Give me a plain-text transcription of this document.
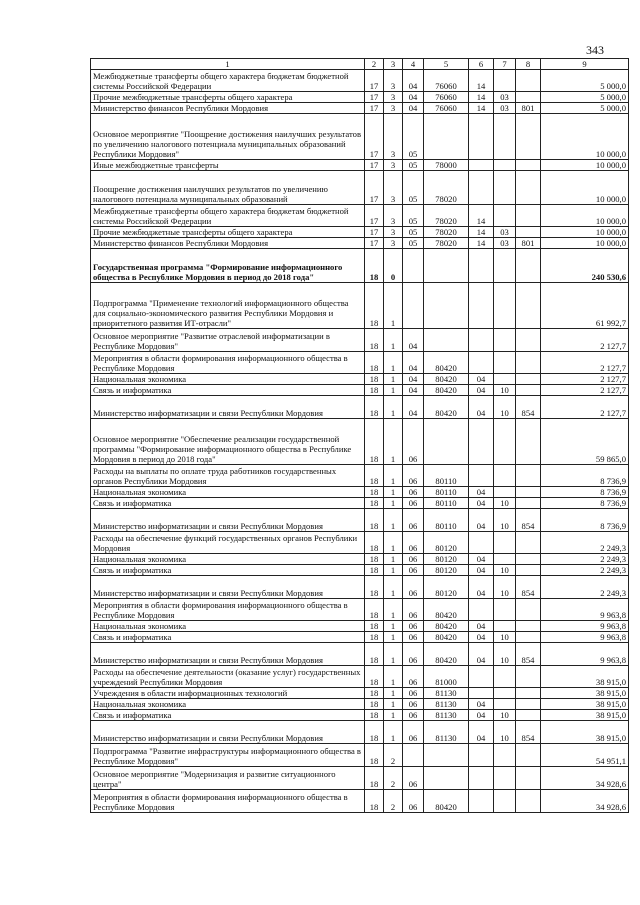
343
1	2	3	4	5	6	7	8	9
Межбюджетные трансферты общего характера бюджетам бюджетной системы Российской Федерации	17	3	04	76060	14			5 000,0
Прочие межбюджетные трансферты общего характера	17	3	04	76060	14	03		5 000,0
Министерство финансов Республики Мордовия	17	3	04	76060	14	03	801	5 000,0
Основное мероприятие "Поощрение достижения наилучших результатов по увеличению налогового потенциала муниципальных образований Республики Мордовия"	17	3	05					10 000,0
Иные межбюджетные трансферты	17	3	05	78000				10 000,0
Поощрение достижения наилучших результатов по увеличению налогового потенциала муниципальных образований	17	3	05	78020				10 000,0
Межбюджетные трансферты общего характера бюджетам бюджетной системы Российской Федерации	17	3	05	78020	14			10 000,0
Прочие межбюджетные трансферты общего характера	17	3	05	78020	14	03		10 000,0
Министерство финансов Республики Мордовия	17	3	05	78020	14	03	801	10 000,0
Государственная программа "Формирование информационного общества в Республике Мордовия в период до 2018 года"	18	0						240 530,6
Подпрограмма "Применение технологий информационного общества для социально-экономического развития Республики Мордовия и приоритетного развития ИТ-отрасли"	18	1						61 992,7
Основное мероприятие "Развитие отраслевой информатизации в Республике Мордовия"	18	1	04					2 127,7
Мероприятия в области формирования информационного общества в Республике Мордовия	18	1	04	80420				2 127,7
Национальная экономика	18	1	04	80420	04			2 127,7
Связь и информатика	18	1	04	80420	04	10		2 127,7
Министерство информатизации и связи Республики Мордовия	18	1	04	80420	04	10	854	2 127,7
Основное мероприятие "Обеспечение реализации государственной программы "Формирование информационного общества в Республике Мордовия в период до 2018 года"	18	1	06					59 865,0
Расходы на выплаты по оплате труда работников государственных органов Республики Мордовия	18	1	06	80110				8 736,9
Национальная экономика	18	1	06	80110	04			8 736,9
Связь и информатика	18	1	06	80110	04	10		8 736,9
Министерство информатизации и связи Республики Мордовия	18	1	06	80110	04	10	854	8 736,9
Расходы на обеспечение функций государственных органов Республики Мордовия	18	1	06	80120				2 249,3
Национальная экономика	18	1	06	80120	04			2 249,3
Связь и информатика	18	1	06	80120	04	10		2 249,3
Министерство информатизации и связи Республики Мордовия	18	1	06	80120	04	10	854	2 249,3
Мероприятия в области формирования информационного общества в Республике Мордовия	18	1	06	80420				9 963,8
Национальная экономика	18	1	06	80420	04			9 963,8
Связь и информатика	18	1	06	80420	04	10		9 963,8
Министерство информатизации и связи Республики Мордовия	18	1	06	80420	04	10	854	9 963,8
Расходы на обеспечение деятельности (оказание услуг) государственных учреждений Республики Мордовия	18	1	06	81000				38 915,0
Учреждения в области информационных технологий	18	1	06	81130				38 915,0
Национальная экономика	18	1	06	81130	04			38 915,0
Связь и информатика	18	1	06	81130	04	10		38 915,0
Министерство информатизации и связи Республики Мордовия	18	1	06	81130	04	10	854	38 915,0
Подпрограмма "Развитие инфраструктуры информационного общества в Республике Мордовия"	18	2						54 951,1
Основное мероприятие "Модернизация и развитие ситуационного центра"	18	2	06					34 928,6
Мероприятия в области формирования информационного общества в Республике Мордовия	18	2	06	80420				34 928,6
